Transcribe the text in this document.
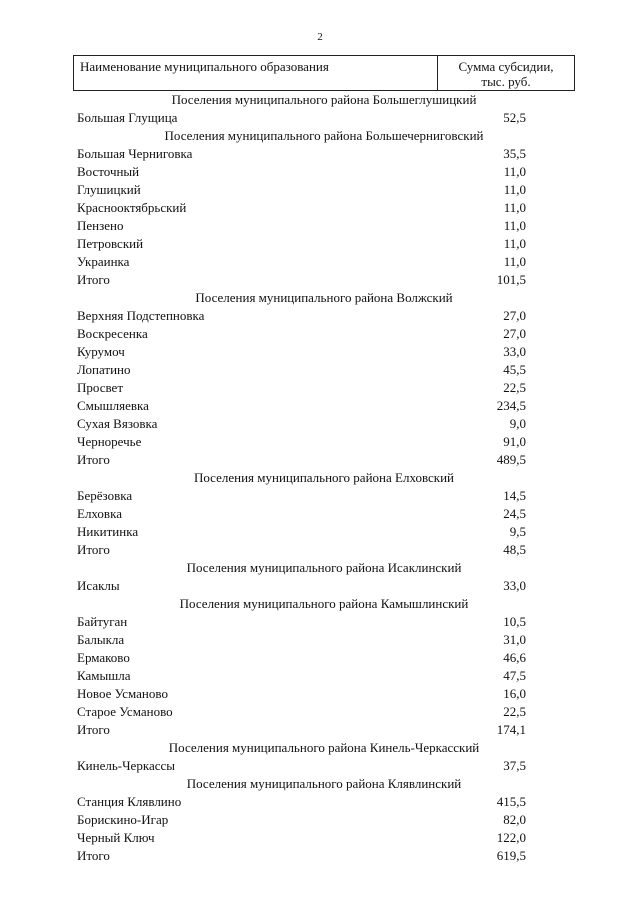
2
Наименование муниципального образования	Сумма субсидии,
тыс. руб.
Поселения муниципального района Большеглушицкий
Большая Глущица	52,5
Поселения муниципального района Большечерниговский
Большая Черниговка	35,5
Восточный	11,0
Глушицкий	11,0
Краснооктябрьский	11,0
Пензено	11,0
Петровский	11,0
Украинка	11,0
Итого	101,5
Поселения муниципального района Волжский
Верхняя Подстепновка	27,0
Воскресенка	27,0
Курумоч	33,0
Лопатино	45,5
Просвет	22,5
Смышляевка	234,5
Сухая Вязовка	9,0
Черноречье	91,0
Итого	489,5
Поселения муниципального района Елховский
Берёзовка	14,5
Елховка	24,5
Никитинка	9,5
Итого	48,5
Поселения муниципального района Исаклинский
Исаклы	33,0
Поселения муниципального района Камышлинский
Байтуган	10,5
Балыкла	31,0
Ермаково	46,6
Камышла	47,5
Новое Усманово	16,0
Старое Усманово	22,5
Итого	174,1
Поселения муниципального района Кинель-Черкасский
Кинель-Черкассы	37,5
Поселения муниципального района Клявлинский
Станция Клявлино	415,5
Борискино-Игар	82,0
Черный Ключ	122,0
Итого	619,5
